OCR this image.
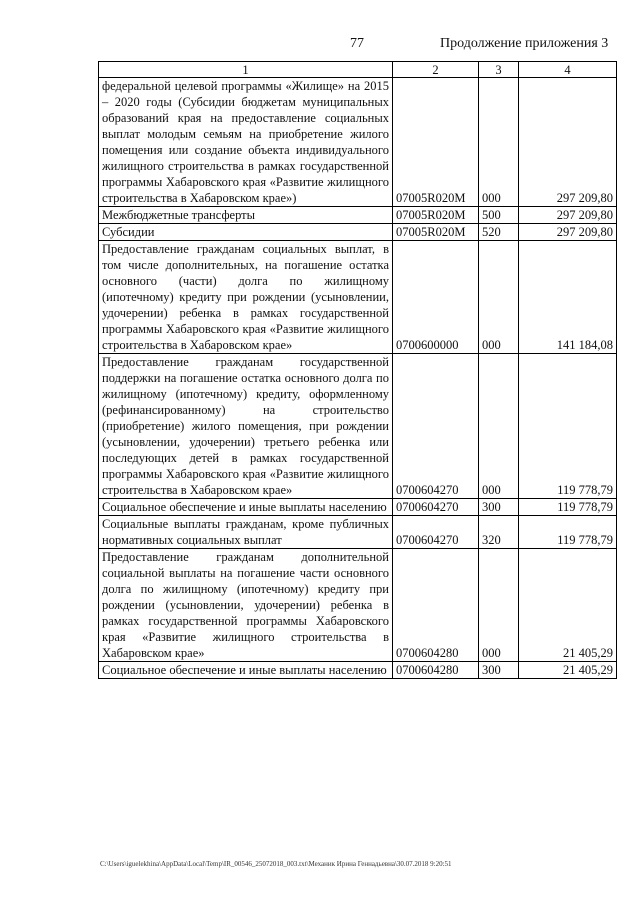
77	Продолжение приложения 3
1	2	3	4
федеральной целевой программы «Жилище» на 2015 – 2020 годы (Субсидии бюджетам муниципальных образований края на предоставление социальных выплат молодым семьям на приобретение жилого помещения или создание объекта индивидуального жилищного строительства в рамках государственной программы Хабаровского края «Развитие жилищного строительства в Хабаровском крае»)	07005R020M	000	297 209,80
Межбюджетные трансферты	07005R020M	500	297 209,80
Субсидии	07005R020M	520	297 209,80
Предоставление гражданам социальных выплат, в том числе дополнительных, на погашение остатка основного (части) долга по жилищному (ипотечному) кредиту при рождении (усыновлении, удочерении) ребенка в рамках государственной программы Хабаровского края «Развитие жилищного строительства в Хабаровском крае»	0700600000	000	141 184,08
Предоставление гражданам государственной поддержки на погашение остатка основного долга по жилищному (ипотечному) кредиту, оформленному (рефинансированному) на строительство (приобретение) жилого помещения, при рождении (усыновлении, удочерении) третьего ребенка или последующих детей в рамках государственной программы Хабаровского края «Развитие жилищного строительства в Хабаровском крае»	0700604270	000	119 778,79
Социальное обеспечение и иные выплаты населению	0700604270	300	119 778,79
Социальные выплаты гражданам, кроме публичных нормативных социальных выплат	0700604270	320	119 778,79
Предоставление гражданам дополнительной социальной выплаты на погашение части основного долга по жилищному (ипотечному) кредиту при рождении (усыновлении, удочерении) ребенка в рамках государственной программы Хабаровского края «Развитие жилищного строительства в Хабаровском крае»	0700604280	000	21 405,29
Социальное обеспечение и иные выплаты населению	0700604280	300	21 405,29
C:\Users\iguelekhina\AppData\Local\Temp\IR_00546_25072018_003.txt\Механик Ирина Геннадьевна\30.07.2018 9:20:51
